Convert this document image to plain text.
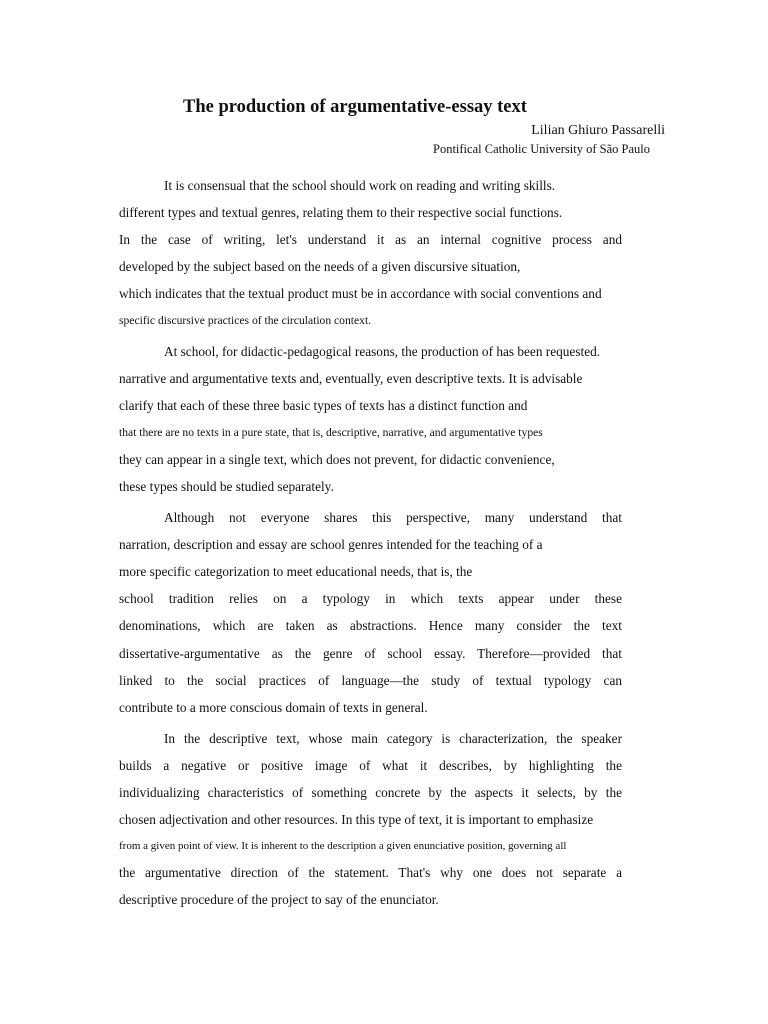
The production of argumentative-essay text
Lilian Ghiuro Passarelli
Pontifical Catholic University of São Paulo
It is consensual that the school should work on reading and writing skills.
different types and textual genres, relating them to their respective social functions.
In the case of writing, let's understand it as an internal cognitive process and
developed by the subject based on the needs of a given discursive situation,
which indicates that the textual product must be in accordance with social conventions and
specific discursive practices of the circulation context.
At school, for didactic-pedagogical reasons, the production of has been requested.
narrative and argumentative texts and, eventually, even descriptive texts. It is advisable
clarify that each of these three basic types of texts has a distinct function and
that there are no texts in a pure state, that is, descriptive, narrative, and argumentative types
they can appear in a single text, which does not prevent, for didactic convenience,
these types should be studied separately.
Although not everyone shares this perspective, many understand that
narration, description and essay are school genres intended for the teaching of a
more specific categorization to meet educational needs, that is, the
school tradition relies on a typology in which texts appear under these
denominations, which are taken as abstractions. Hence many consider the text
dissertative-argumentative as the genre of school essay. Therefore—provided that
linked to the social practices of language—the study of textual typology can
contribute to a more conscious domain of texts in general.
In the descriptive text, whose main category is characterization, the speaker
builds a negative or positive image of what it describes, by highlighting the
individualizing characteristics of something concrete by the aspects it selects, by the
chosen adjectivation and other resources. In this type of text, it is important to emphasize
from a given point of view. It is inherent to the description a given enunciative position, governing all
the argumentative direction of the statement. That's why one does not separate a
descriptive procedure of the project to say of the enunciator.
